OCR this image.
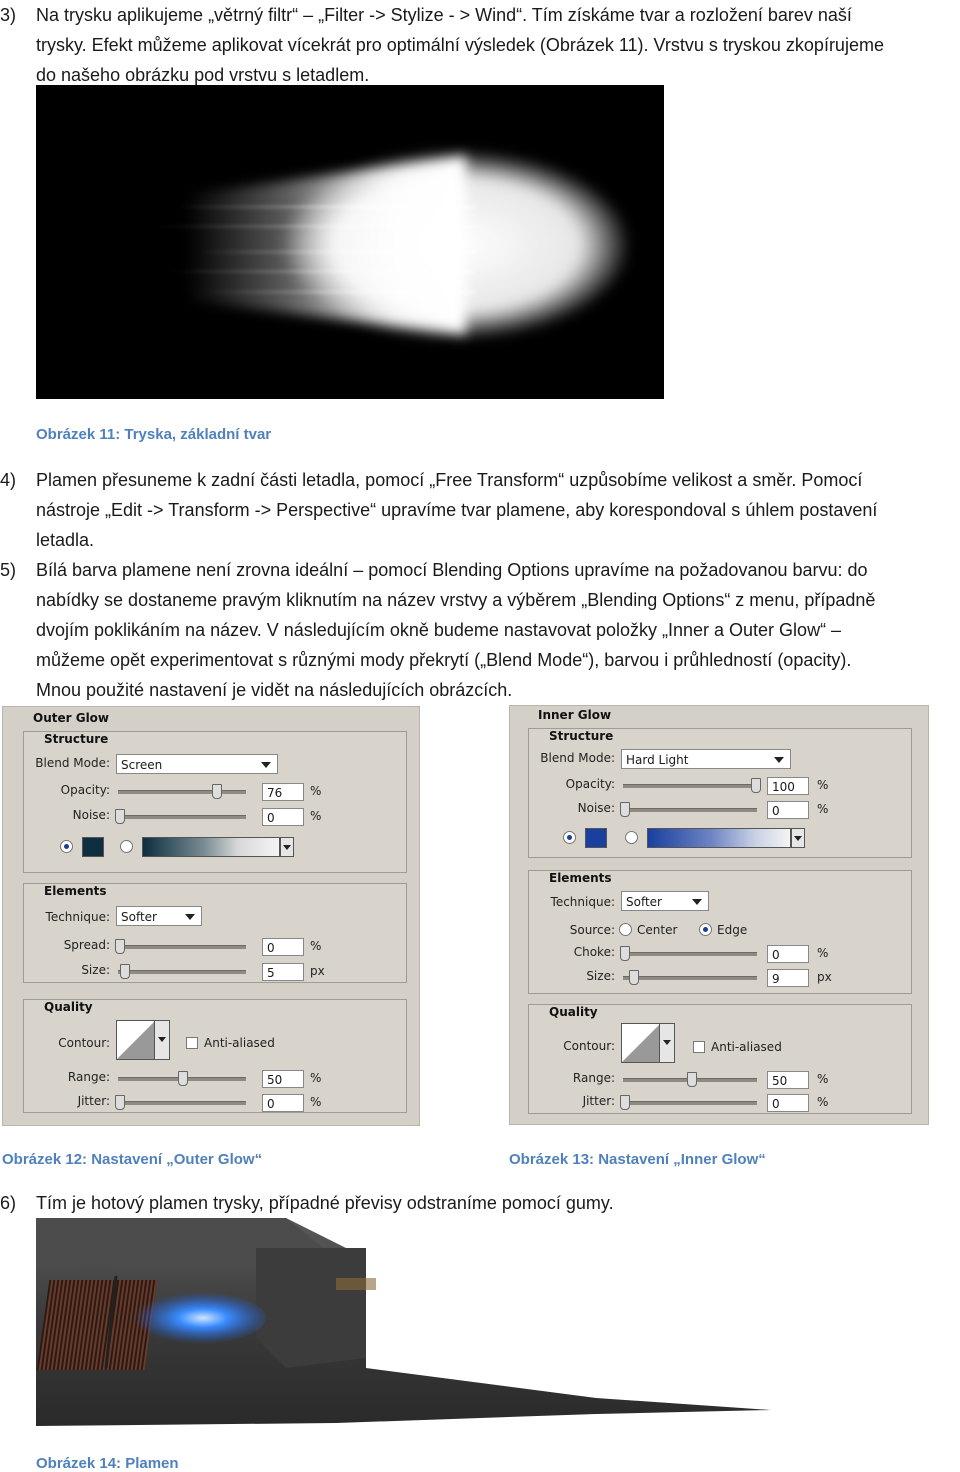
3) Na trysku aplikujeme „větrný filtr“ – „Filter -> Stylize - > Wind“. Tím získáme tvar a rozložení barev naší
trysky. Efekt můžeme aplikovat vícekrát pro optimální výsledek (Obrázek 11). Vrstvu s tryskou zkopírujeme
do našeho obrázku pod vrstvu s letadlem.
Obrázek 11: Tryska, základní tvar
4) Plamen přesuneme k zadní části letadla, pomocí „Free Transform“ uzpůsobíme velikost a směr. Pomocí
nástroje „Edit -> Transform -> Perspective“ upravíme tvar plamene, aby korespondoval s úhlem postavení
letadla.
5) Bílá barva plamene není zrovna ideální – pomocí Blending Options upravíme na požadovanou barvu: do
nabídky se dostaneme pravým kliknutím na název vrstvy a výběrem „Blending Options“ z menu, případně
dvojím poklikáním na název. V následujícím okně budeme nastavovat položky „Inner a Outer Glow“ –
můžeme opět experimentovat s různými mody překrytí („Blend Mode“), barvou i průhledností (opacity).
Mnou použité nastavení je vidět na následujících obrázcích.
Outer Glow
Structure
Blend Mode: Screen
Opacity:	76	%
Noise:	0	%
Elements
Technique: Softer
Spread:	0	%
Size:	5	px
Quality
Contour:	Anti-aliased
Range:	50	%
Jitter:	0	%
Inner Glow
Structure
Blend Mode: Hard Light
Opacity:	100	%
Noise:	0	%
Elements
Technique: Softer
Source: Center	Edge
Choke:	0	%
Size:	9	px
Quality
Contour:	Anti-aliased
Range:	50	%
Jitter:	0	%
Obrázek 12: Nastavení „Outer Glow“	Obrázek 13: Nastavení „Inner Glow“
6) Tím je hotový plamen trysky, případné převisy odstraníme pomocí gumy.
Obrázek 14: Plamen
